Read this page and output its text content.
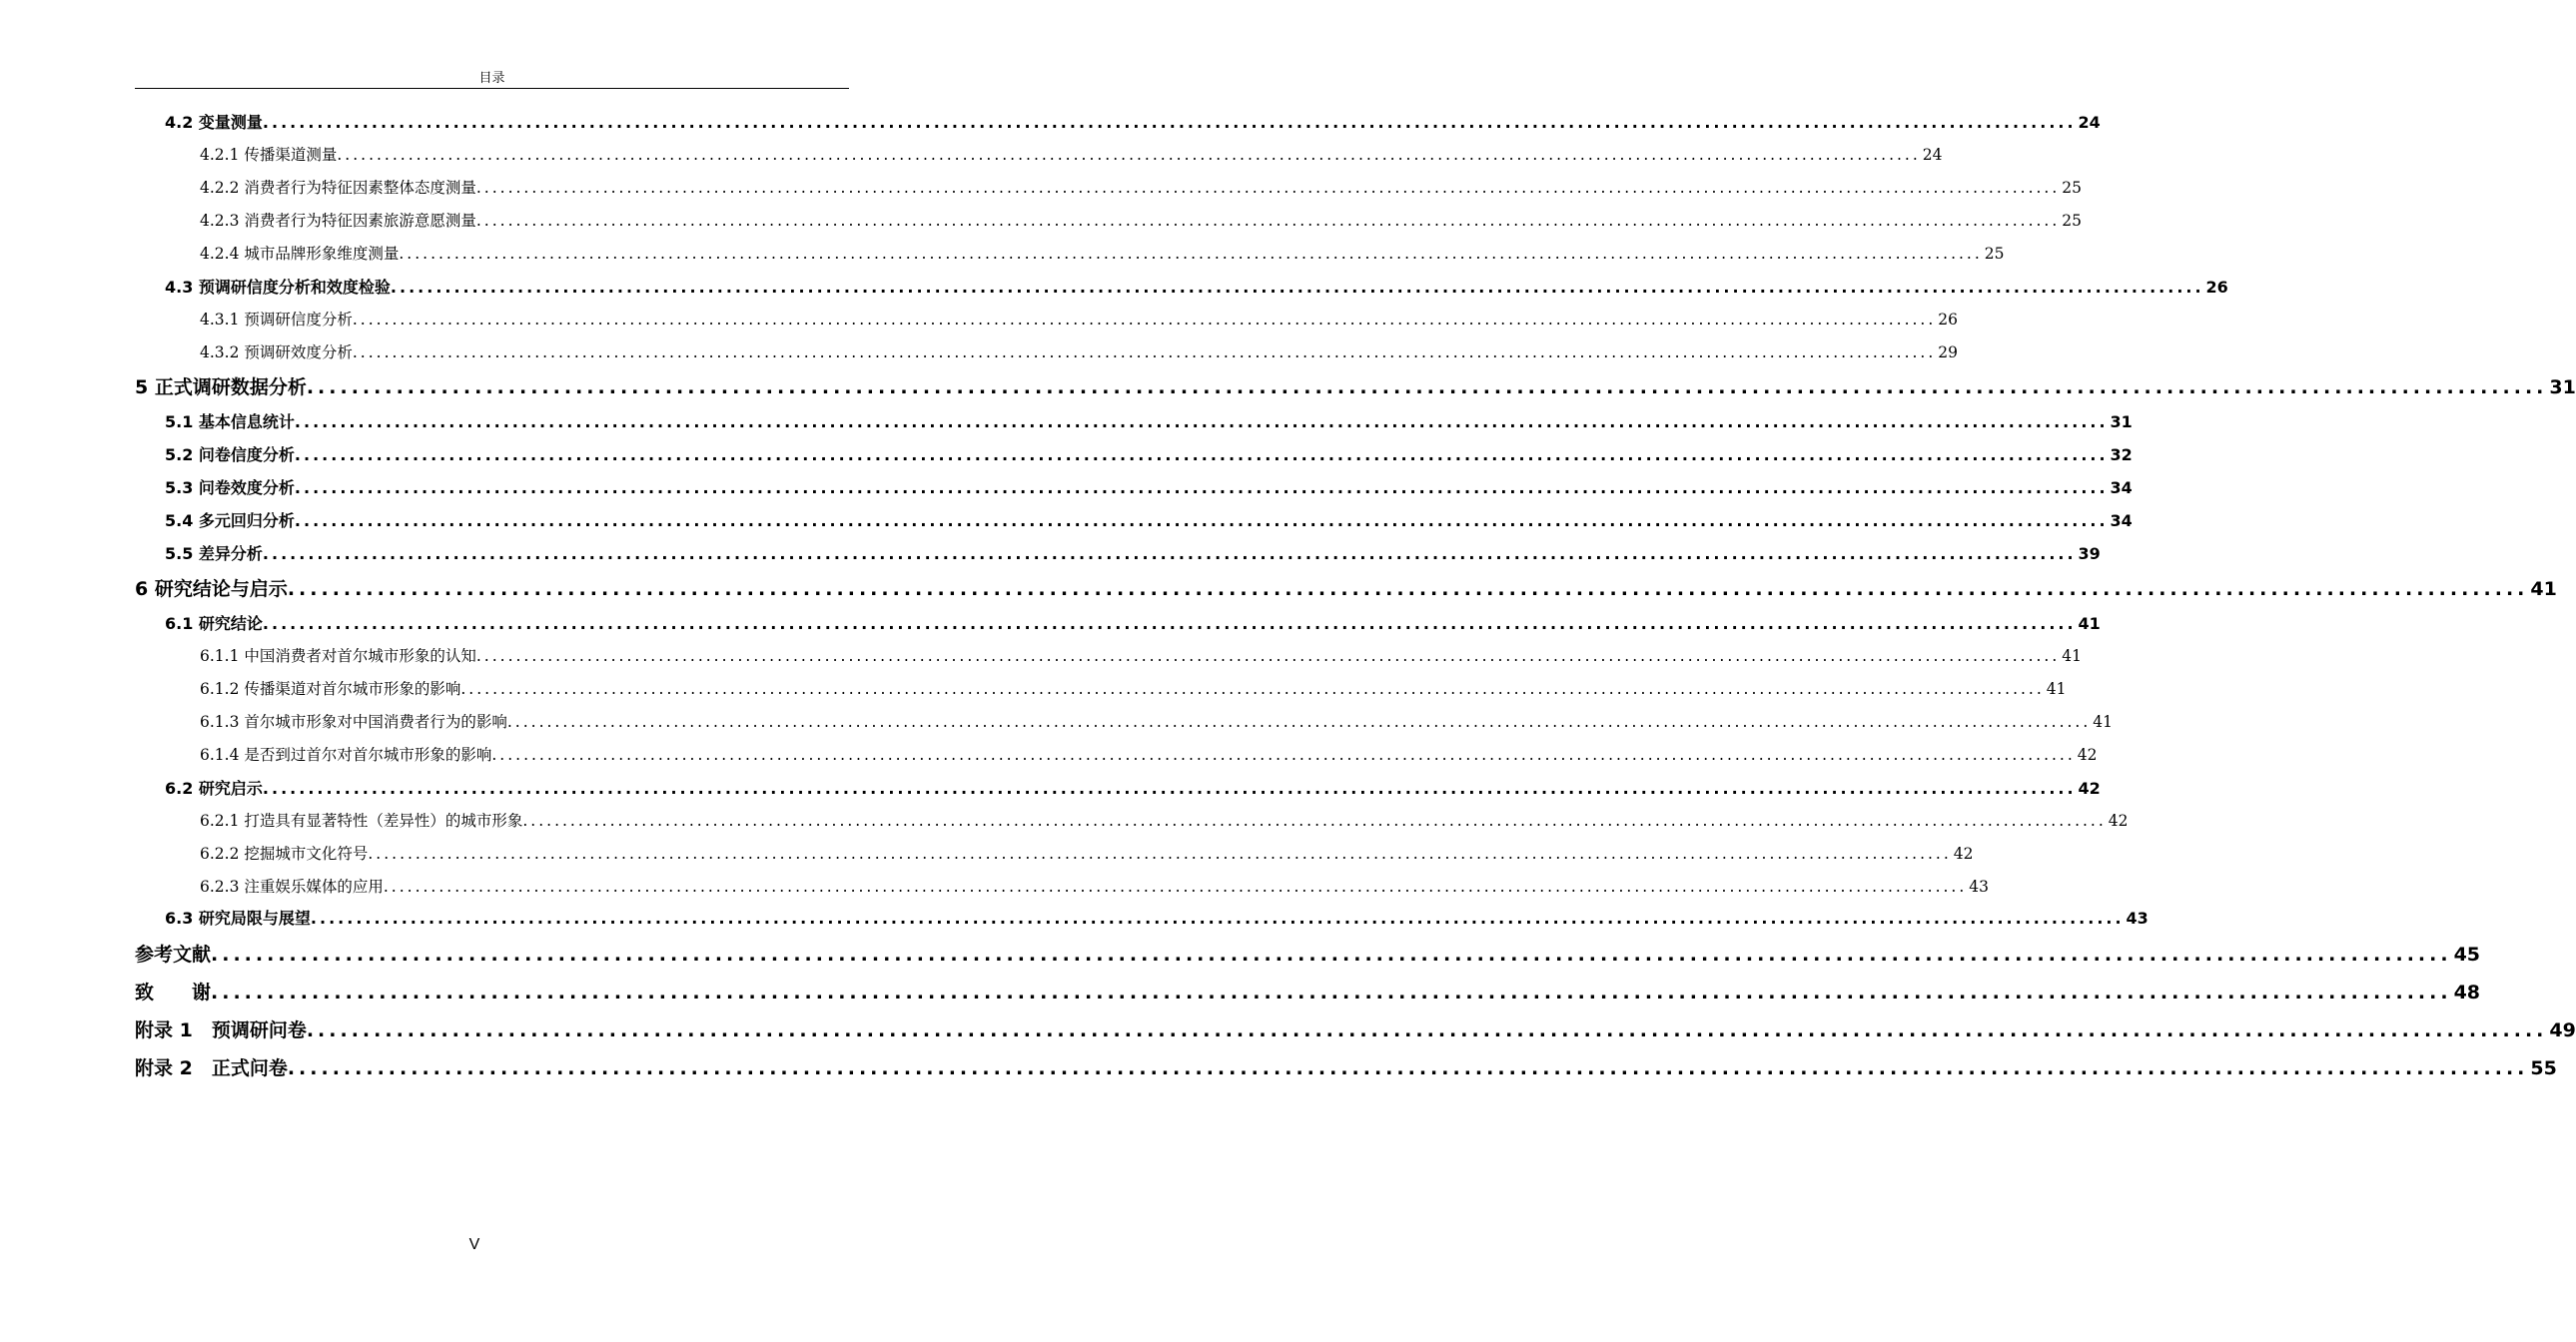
目录
4.2 变量测量 ........................................................................................................................................................................................................ 24
4.2.1 传播渠道测量 ........................................................................................................................................................................................................ 24
4.2.2 消费者行为特征因素整体态度测量 ........................................................................................................................................................................................................ 25
4.2.3 消费者行为特征因素旅游意愿测量 ........................................................................................................................................................................................................ 25
4.2.4 城市品牌形象维度测量 ........................................................................................................................................................................................................ 25
4.3 预调研信度分析和效度检验 ........................................................................................................................................................................................................ 26
4.3.1 预调研信度分析 ........................................................................................................................................................................................................ 26
4.3.2 预调研效度分析 ........................................................................................................................................................................................................ 29
5 正式调研数据分析 ........................................................................................................................................................................................................ 31
5.1 基本信息统计 ........................................................................................................................................................................................................ 31
5.2 问卷信度分析 ........................................................................................................................................................................................................ 32
5.3 问卷效度分析 ........................................................................................................................................................................................................ 34
5.4 多元回归分析 ........................................................................................................................................................................................................ 34
5.5 差异分析 ........................................................................................................................................................................................................ 39
6 研究结论与启示 ........................................................................................................................................................................................................ 41
6.1 研究结论 ........................................................................................................................................................................................................ 41
6.1.1 中国消费者对首尔城市形象的认知 ........................................................................................................................................................................................................ 41
6.1.2 传播渠道对首尔城市形象的影响 ........................................................................................................................................................................................................ 41
6.1.3 首尔城市形象对中国消费者行为的影响 ........................................................................................................................................................................................................ 41
6.1.4 是否到过首尔对首尔城市形象的影响 ........................................................................................................................................................................................................ 42
6.2 研究启示 ........................................................................................................................................................................................................ 42
6.2.1 打造具有显著特性（差异性）的城市形象 ........................................................................................................................................................................................................ 42
6.2.2 挖掘城市文化符号 ........................................................................................................................................................................................................ 42
6.2.3 注重娱乐媒体的应用 ........................................................................................................................................................................................................ 43
6.3 研究局限与展望 ........................................................................................................................................................................................................ 43
参考文献 ........................................................................................................................................................................................................ 45
致　　谢 ........................................................................................................................................................................................................ 48
附录 1　预调研问卷 ........................................................................................................................................................................................................ 49
附录 2　正式问卷 ........................................................................................................................................................................................................ 55
V
